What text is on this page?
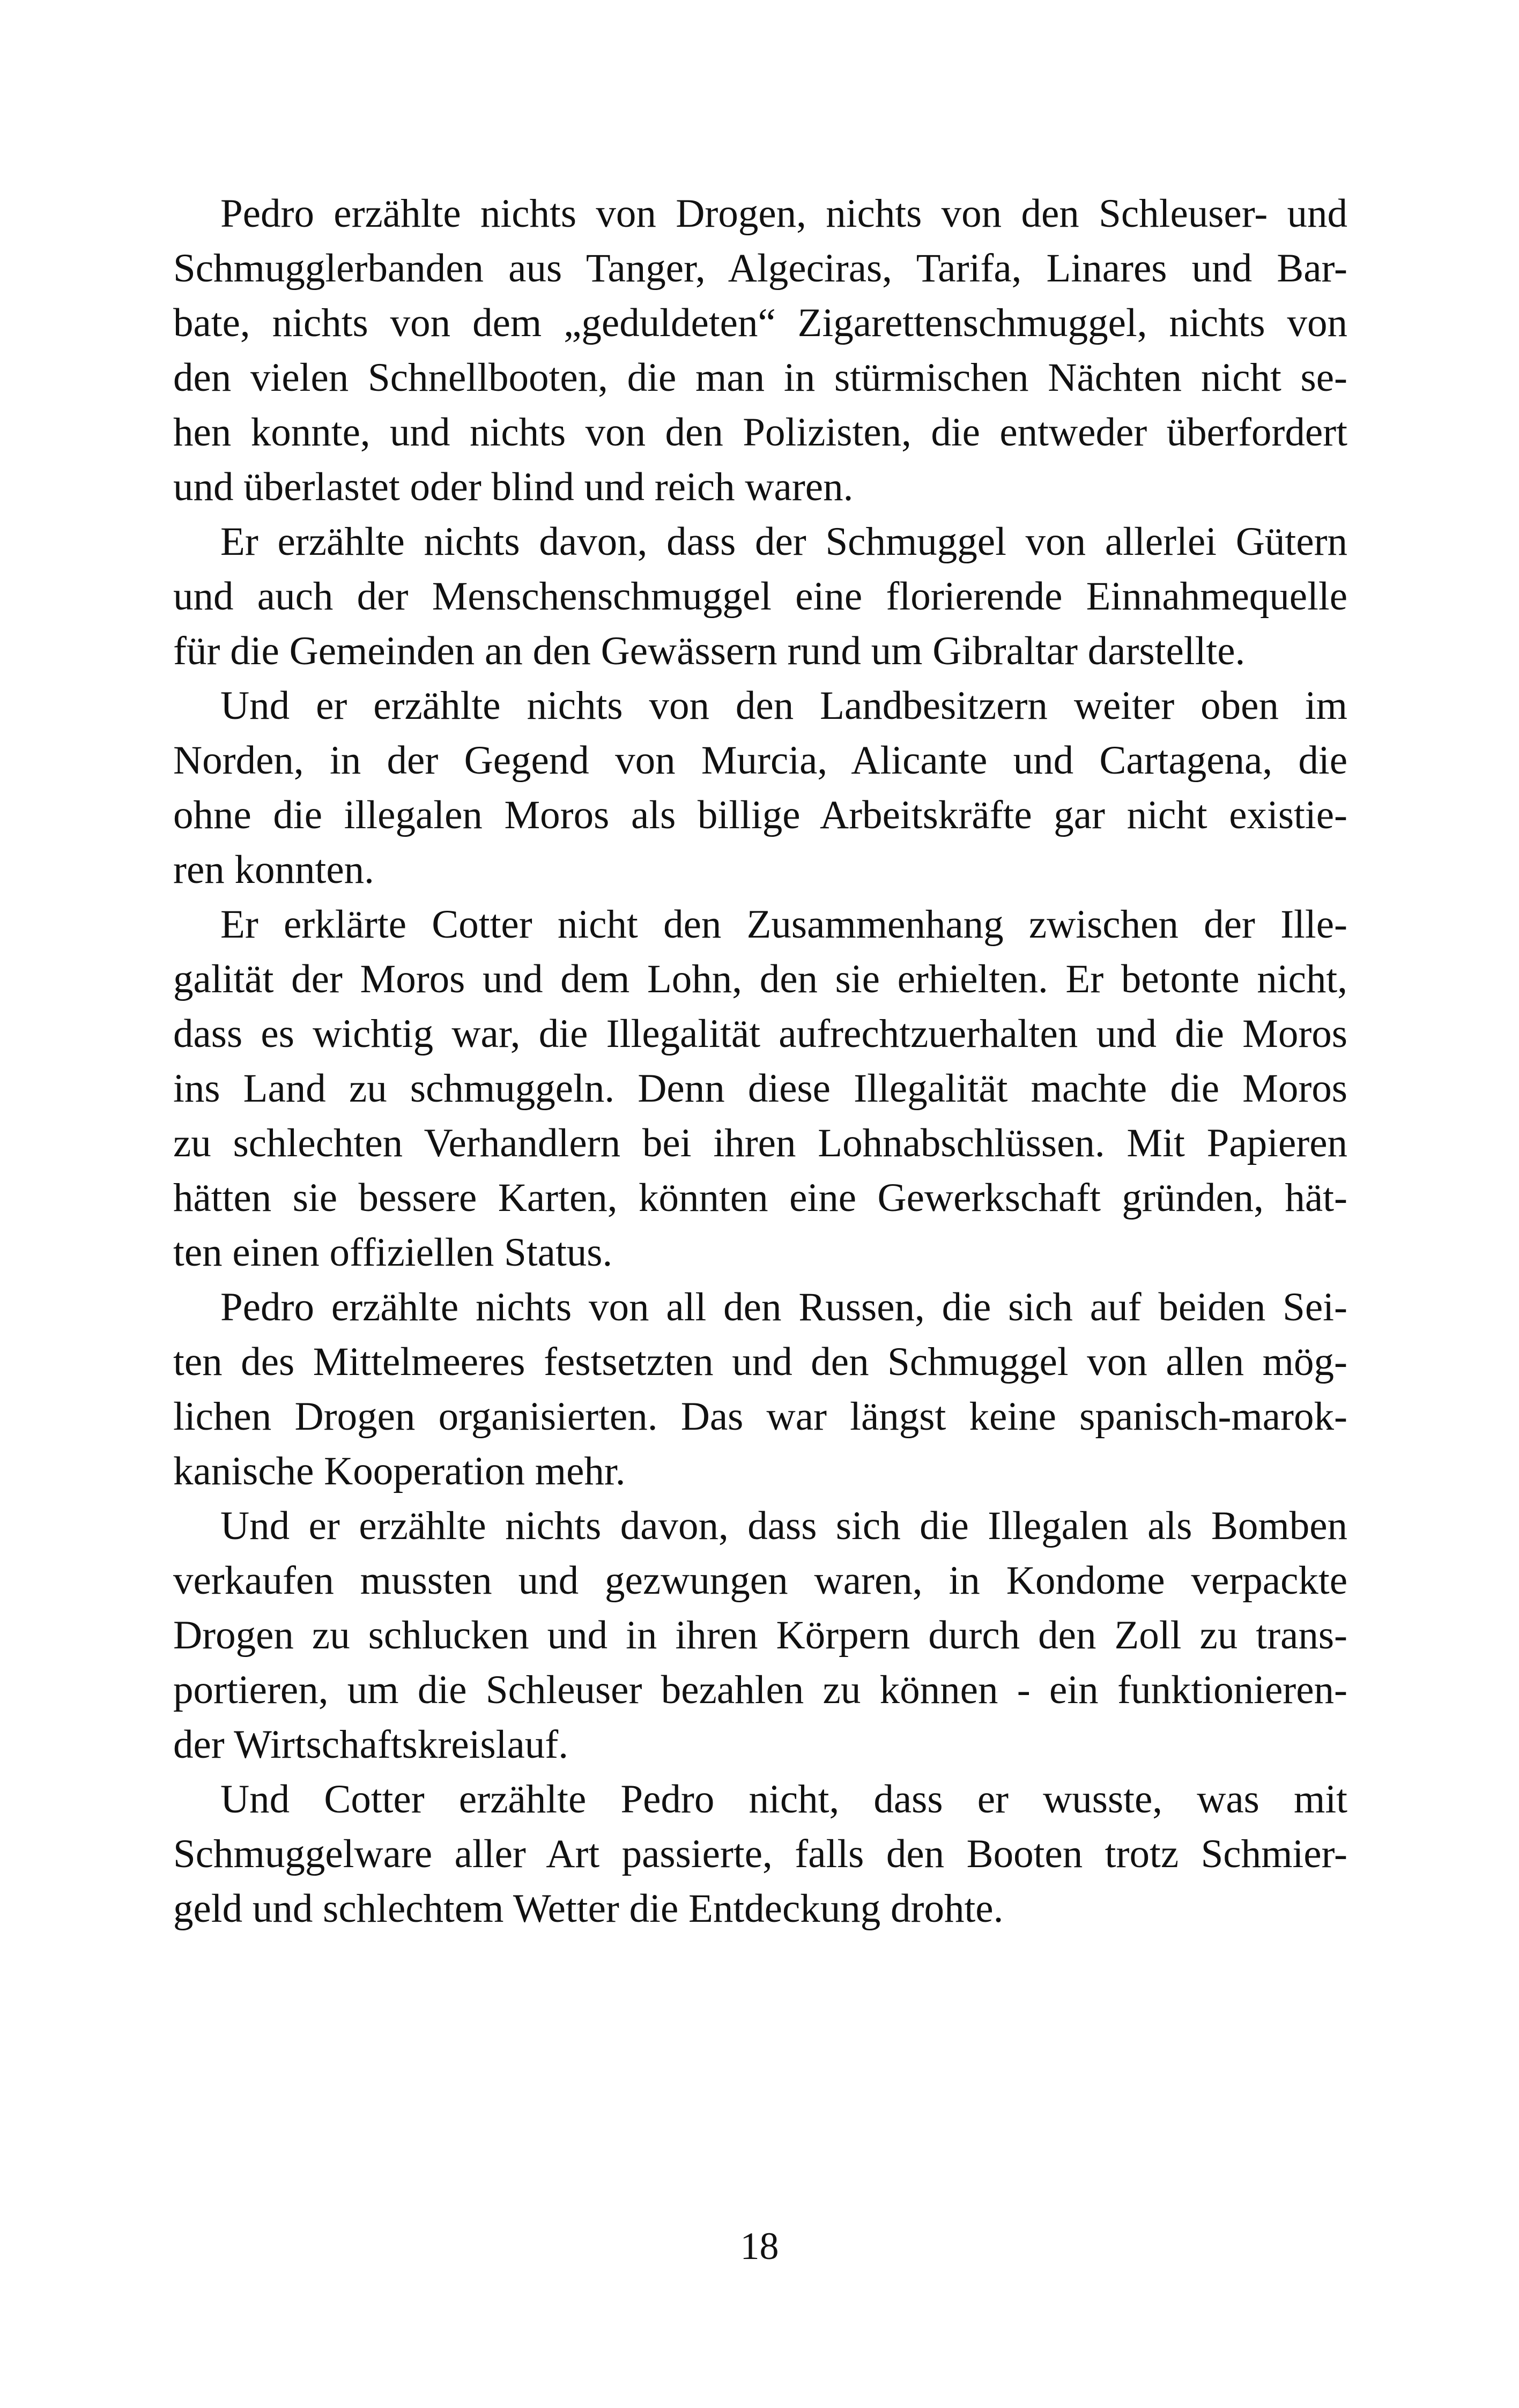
Pedro erzählte nichts von Drogen, nichts von den Schleuser- und
Schmugglerbanden aus Tanger, Algeciras, Tarifa, Linares und Bar-
bate, nichts von dem „geduldeten“ Zigarettenschmuggel, nichts von
den vielen Schnellbooten, die man in stürmischen Nächten nicht se-
hen konnte, und nichts von den Polizisten, die entweder überfordert
und überlastet oder blind und reich waren.
Er erzählte nichts davon, dass der Schmuggel von allerlei Gütern
und auch der Menschenschmuggel eine florierende Einnahmequelle
für die Gemeinden an den Gewässern rund um Gibraltar darstellte.
Und er erzählte nichts von den Landbesitzern weiter oben im
Norden, in der Gegend von Murcia, Alicante und Cartagena, die
ohne die illegalen Moros als billige Arbeitskräfte gar nicht existie-
ren konnten.
Er erklärte Cotter nicht den Zusammenhang zwischen der Ille-
galität der Moros und dem Lohn, den sie erhielten. Er betonte nicht,
dass es wichtig war, die Illegalität aufrechtzuerhalten und die Moros
ins Land zu schmuggeln. Denn diese Illegalität machte die Moros
zu schlechten Verhandlern bei ihren Lohnabschlüssen. Mit Papieren
hätten sie bessere Karten, könnten eine Gewerkschaft gründen, hät-
ten einen offiziellen Status.
Pedro erzählte nichts von all den Russen, die sich auf beiden Sei-
ten des Mittelmeeres festsetzten und den Schmuggel von allen mög-
lichen Drogen organisierten. Das war längst keine spanisch-marok-
kanische Kooperation mehr.
Und er erzählte nichts davon, dass sich die Illegalen als Bomben
verkaufen mussten und gezwungen waren, in Kondome verpackte
Drogen zu schlucken und in ihren Körpern durch den Zoll zu trans-
portieren, um die Schleuser bezahlen zu können - ein funktionieren-
der Wirtschaftskreislauf.
Und Cotter erzählte Pedro nicht, dass er wusste, was mit
Schmuggelware aller Art passierte, falls den Booten trotz Schmier-
geld und schlechtem Wetter die Entdeckung drohte.
18
